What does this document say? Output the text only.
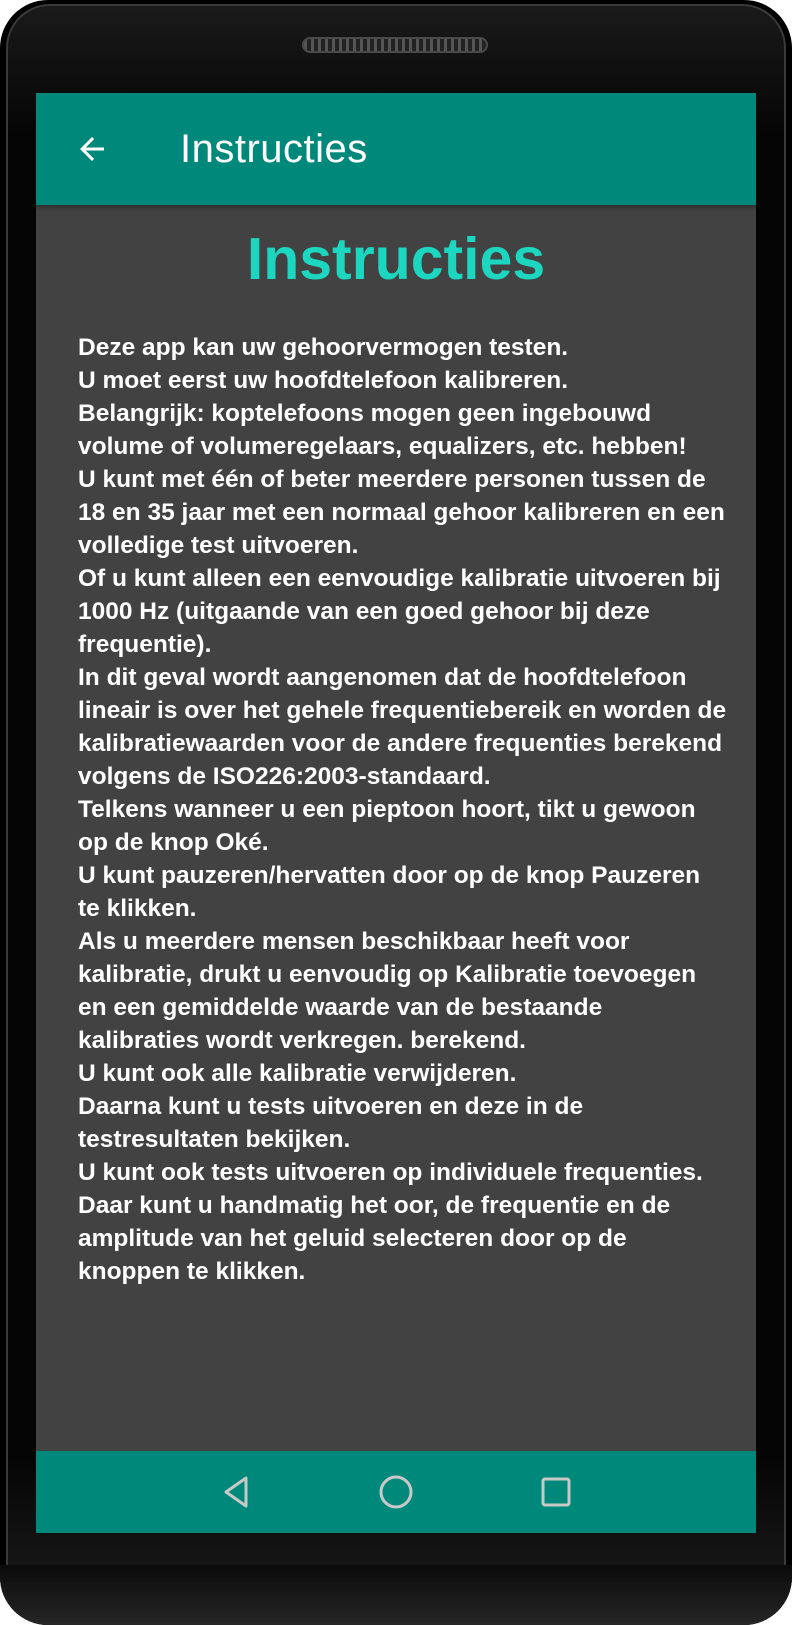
Instructies
Instructies

Deze app kan uw gehoorvermogen testen.
U moet eerst uw hoofdtelefoon kalibreren.
Belangrijk: koptelefoons mogen geen ingebouwd volume of volumeregelaars, equalizers, etc. hebben!
U kunt met één of beter meerdere personen tussen de 18 en 35 jaar met een normaal gehoor kalibreren en een volledige test uitvoeren.
Of u kunt alleen een eenvoudige kalibratie uitvoeren bij 1000 Hz (uitgaande van een goed gehoor bij deze frequentie).
In dit geval wordt aangenomen dat de hoofdtelefoon lineair is over het gehele frequentiebereik en worden de kalibratiewaarden voor de andere frequenties berekend volgens de ISO226:2003-standaard.
Telkens wanneer u een pieptoon hoort, tikt u gewoon op de knop Oké.
U kunt pauzeren/hervatten door op de knop Pauzeren te klikken.
Als u meerdere mensen beschikbaar heeft voor kalibratie, drukt u eenvoudig op Kalibratie toevoegen en een gemiddelde waarde van de bestaande kalibraties wordt verkregen. berekend.
U kunt ook alle kalibratie verwijderen.
Daarna kunt u tests uitvoeren en deze in de testresultaten bekijken.
U kunt ook tests uitvoeren op individuele frequenties.
Daar kunt u handmatig het oor, de frequentie en de amplitude van het geluid selecteren door op de knoppen te klikken.
